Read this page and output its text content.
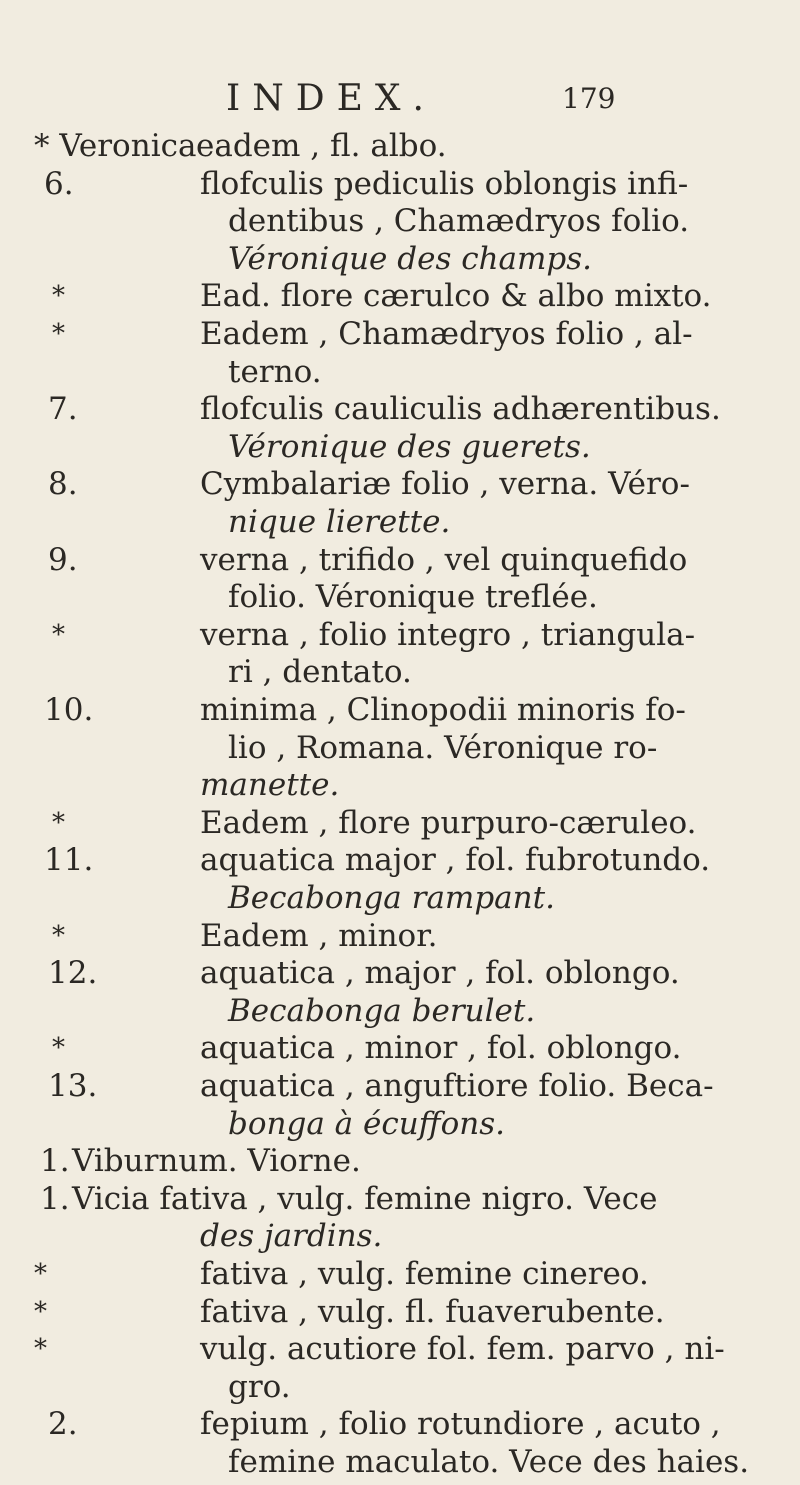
INDEX.	179
* Veronica eadem , fl. albo.
6.	flofculis pediculis oblongis infi-
dentibus , Chamædryos folio.
Véronique des champs.
*	Ead. flore cærulco & albo mixto.
*	Eadem , Chamædryos folio , al-
terno.
7.	flofculis cauliculis adhærentibus.
Véronique des guerets.
8.	Cymbalariæ folio , verna. Véro-
nique lierette.
9.	verna , trifido , vel quinquefido
folio. Véronique treflée.
*	verna , folio integro , triangula-
ri , dentato.
10.	minima , Clinopodii minoris fo-
lio , Romana. Véronique ro-
manette.
*	Eadem , flore purpuro-cæruleo.
11.	aquatica major , fol. fubrotundo.
Becabonga rampant.
*	Eadem , minor.
12.	aquatica , major , fol. oblongo.
Becabonga berulet.
*	aquatica , minor , fol. oblongo.
13.	aquatica , anguftiore folio. Beca-
bonga à écuffons.
1. Viburnum. Viorne.
1. Vicia fativa , vulg. femine nigro. Vece
des jardins.
*	fativa , vulg. femine cinereo.
*	fativa , vulg. fl. fuaverubente.
*	vulg. acutiore fol. fem. parvo , ni-
gro.
2.	fepium , folio rotundiore , acuto ,
femine maculato. Vece des haies.
